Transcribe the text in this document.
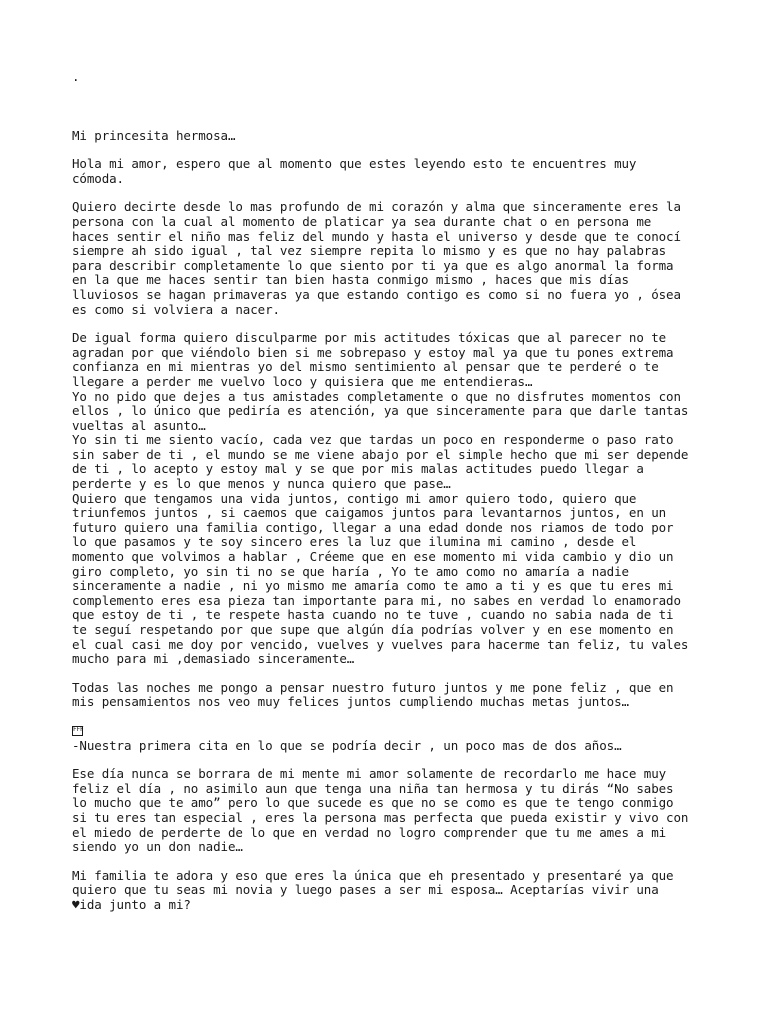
.

Mi princesita hermosa…

Hola mi amor, espero que al momento que estes leyendo esto te encuentres muy
cómoda.

Quiero decirte desde lo mas profundo de mi corazón y alma que sinceramente eres la
persona con la cual al momento de platicar ya sea durante chat o en persona me
haces sentir el niño mas feliz del mundo y hasta el universo y desde que te conocí
siempre ah sido igual , tal vez siempre repita lo mismo y es que no hay palabras
para describir completamente lo que siento por ti ya que es algo anormal la forma
en la que me haces sentir tan bien hasta conmigo mismo , haces que mis días
lluviosos se hagan primaveras ya que estando contigo es como si no fuera yo , ósea
es como si volviera a nacer.

De igual forma quiero disculparme por mis actitudes tóxicas que al parecer no te
agradan por que viéndolo bien si me sobrepaso y estoy mal ya que tu pones extrema
confianza en mi mientras yo del mismo sentimiento al pensar que te perderé o te
llegare a perder me vuelvo loco y quisiera que me entendieras…
Yo no pido que dejes a tus amistades completamente o que no disfrutes momentos con
ellos , lo único que pediría es atención, ya que sinceramente para que darle tantas
vueltas al asunto…
Yo sin ti me siento vacío, cada vez que tardas un poco en responderme o paso rato
sin saber de ti , el mundo se me viene abajo por el simple hecho que mi ser depende
de ti , lo acepto y estoy mal y se que por mis malas actitudes puedo llegar a
perderte y es lo que menos y nunca quiero que pase…
Quiero que tengamos una vida juntos, contigo mi amor quiero todo, quiero que
triunfemos juntos , si caemos que caigamos juntos para levantarnos juntos, en un
futuro quiero una familia contigo, llegar a una edad donde nos riamos de todo por
lo que pasamos y te soy sincero eres la luz que ilumina mi camino , desde el
momento que volvimos a hablar , Créeme que en ese momento mi vida cambio y dio un
giro completo, yo sin ti no se que haría , Yo te amo como no amaría a nadie
sinceramente a nadie , ni yo mismo me amaría como te amo a ti y es que tu eres mi
complemento eres esa pieza tan importante para mi, no sabes en verdad lo enamorado
que estoy de ti , te respete hasta cuando no te tuve , cuando no sabia nada de ti
te seguí respetando por que supe que algún día podrías volver y en ese momento en
el cual casi me doy por vencido, vuelves y vuelves para hacerme tan feliz, tu vales
mucho para mi ,demasiado sinceramente…

Todas las noches me pongo a pensar nuestro futuro juntos y me pone feliz , que en
mis pensamientos nos veo muy felices juntos cumpliendo muchas metas juntos…

FFF

-Nuestra primera cita en lo que se podría decir , un poco mas de dos años…

Ese día nunca se borrara de mi mente mi amor solamente de recordarlo me hace muy
feliz el día , no asimilo aun que tenga una niña tan hermosa y tu dirás “No sabes
lo mucho que te amo” pero lo que sucede es que no se como es que te tengo conmigo
si tu eres tan especial , eres la persona mas perfecta que pueda existir y vivo con
el miedo de perderte de lo que en verdad no logro comprender que tu me ames a mi
siendo yo un don nadie…

Mi familia te adora y eso que eres la única que eh presentado y presentaré ya que
quiero que tu seas mi novia y luego pases a ser mi esposa… Aceptarías vivir una
♥ida junto a mi?
